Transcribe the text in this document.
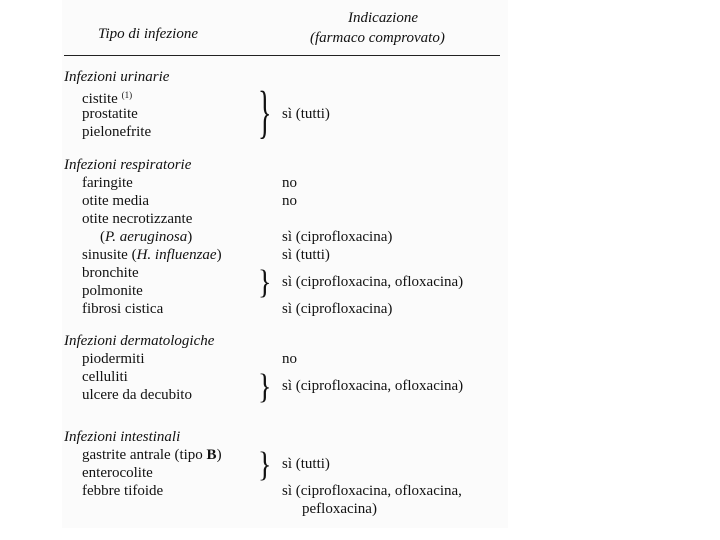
Tipo di infezione
Indicazione
(farmaco comprovato)
Infezioni urinarie
cistite $^{(1)}$
prostatite
pielonefrite	} sì (tutti)
Infezioni respiratorie
faringite
otite media
otite necrotizzante
(P. aeruginosa)
sinusite (H. influenzae)
bronchite
polmonite
fibrosi cistica
no
no
sì (ciprofloxacina)
sì (tutti)
} sì (ciprofloxacina, ofloxacina)
sì (ciprofloxacina)
Infezioni dermatologiche
piodermiti
celluliti
ulcere da decubito
no
} sì (ciprofloxacina, ofloxacina)
Infezioni intestinali
gastrite antrale (tipo B)
enterocolite
febbre tifoide
} sì (tutti)
sì (ciprofloxacina, ofloxacina,
pefloxacina)
